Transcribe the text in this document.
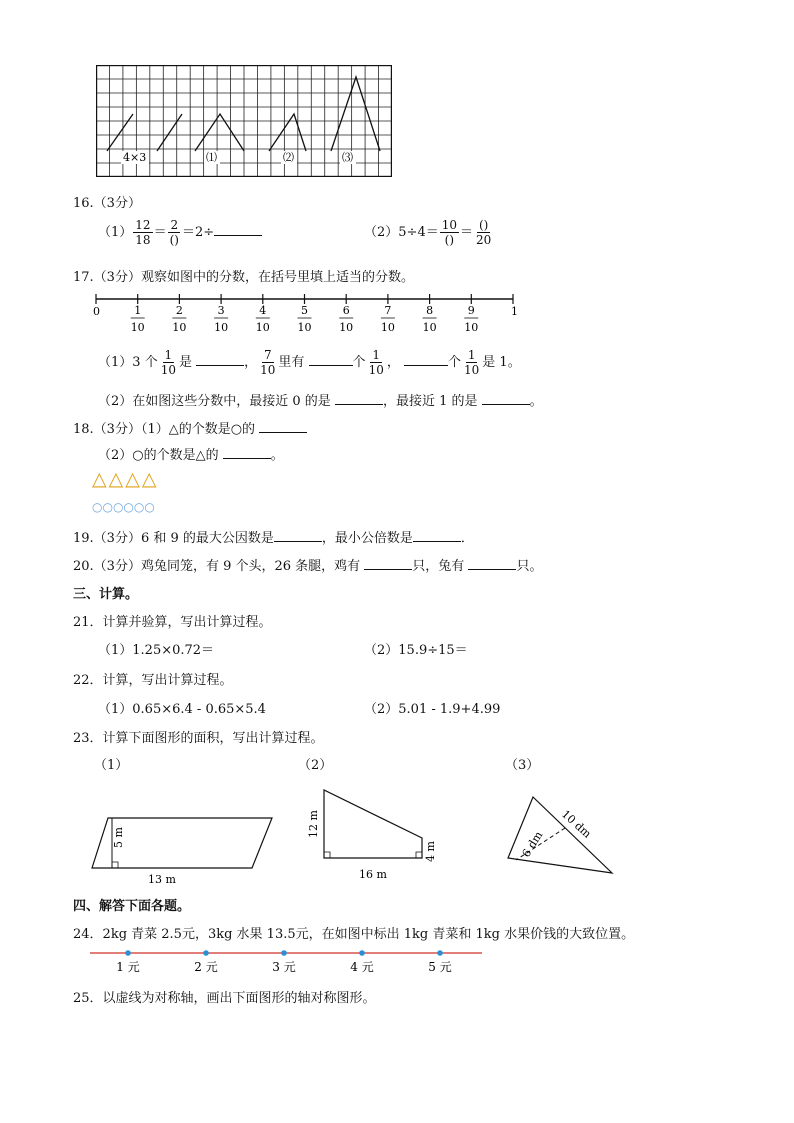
4×3	⑴	⑵	⑶
16.（3分）
$(1) \frac{12}{18} = \frac{2}{()} =2\div$	$(2)5\div 4= \frac{10}{()} = \frac{()}{20}$
17.（3分）观察如图中的分数，在括号里填上适当的分数。
0	1
1
10
2
10
3
10
4
10
5
10
6
10
7
10
8
10
9
10
（1）3 个 $\frac{1}{10}$ 是	， $\frac{7}{10}$ 里有	个 $\frac{1}{10}$ ，	个 $\frac{1}{10}$ 是 1。
（2）在如图这些分数中，最接近 0 的是	，最接近 1 的是	。
18.（3分）（1）△的个数是○的
（2）○的个数是△的	。
△△△△
○○○○○○
19.（3分）6 和 9 的最大公因数是	，最小公倍数是	．
20.（3分）鸡兔同笼，有 9 个头，26 条腿，鸡有	只，兔有	只。
三、计算。
21．计算并验算，写出计算过程。
（1）1.25×0.72＝	（2）15.9÷15＝
22．计算，写出计算过程。
（1）0.65×6.4 - 0.65×5.4	（2）5.01 - 1.9+4.99
23．计算下面图形的面积，写出计算过程。
（1）	（2）	（3）
5 m
13 m
12 m
16 m
4 m
10 dm
6 dm
四、解答下面各题。
24．2kg 青菜 2.5元，3kg 水果 13.5元，在如图中标出 1kg 青菜和 1kg 水果价钱的大致位置。
1 元	2 元	3 元	4 元	5 元
25．以虚线为对称轴，画出下面图形的轴对称图形。
